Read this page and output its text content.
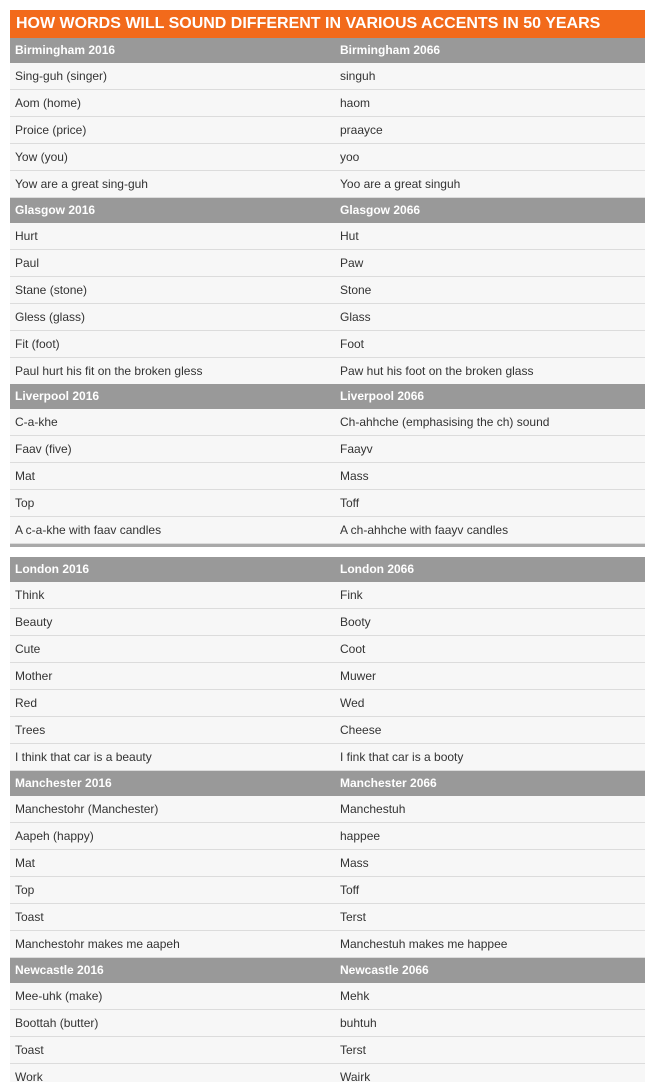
HOW WORDS WILL SOUND DIFFERENT IN VARIOUS ACCENTS IN 50 YEARS
Birmingham 2016	Birmingham 2066
Sing-guh (singer)	singuh
Aom (home)	haom
Proice (price)	praayce
Yow (you)	yoo
Yow are a great sing-guh	Yoo are a great singuh
Glasgow 2016	Glasgow 2066
Hurt	Hut
Paul	Paw
Stane (stone)	Stone
Gless (glass)	Glass
Fit (foot)	Foot
Paul hurt his fit on the broken gless	Paw hut his foot on the broken glass
Liverpool 2016	Liverpool 2066
C-a-khe	Ch-ahhche (emphasising the ch) sound
Faav (five)	Faayv
Mat	Mass
Top	Toff
A c-a-khe with faav candles	A ch-ahhche with faayv candles
London 2016	London 2066
Think	Fink
Beauty	Booty
Cute	Coot
Mother	Muwer
Red	Wed
Trees	Cheese
I think that car is a beauty	I fink that car is a booty
Manchester 2016	Manchester 2066
Manchestohr (Manchester)	Manchestuh
Aapeh (happy)	happee
Mat	Mass
Top	Toff
Toast	Terst
Manchestohr makes me aapeh	Manchestuh makes me happee
Newcastle 2016	Newcastle 2066
Mee-uhk (make)	Mehk
Boottah (butter)	buhtuh
Toast	Terst
Work	Wairk
